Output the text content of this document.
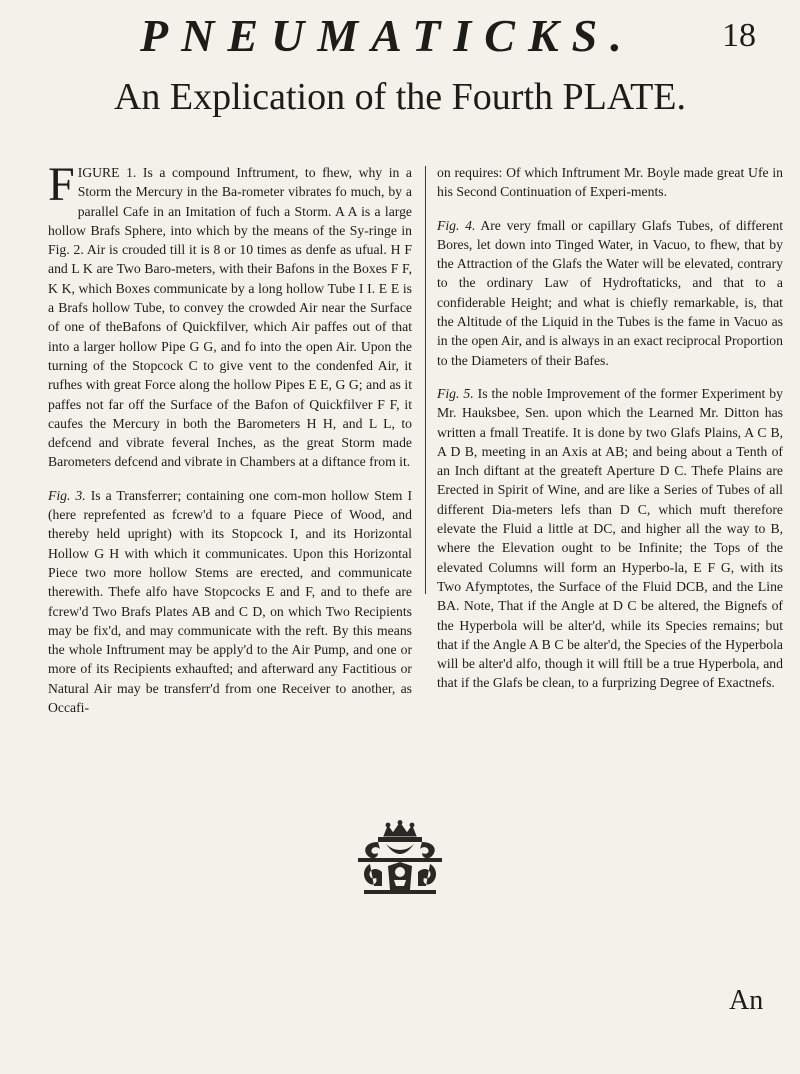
PNEUMATICKS.	18
An Explication of the Fourth PLATE.

FIGURE 1. Is a compound Inftrument, to fhew, why in a Storm the Mercury in the Ba-rometer vibrates fo much, by a parallel Cafe in an Imitation of fuch a Storm. A A is a large hollow Brafs Sphere, into which by the means of the Sy-ringe in Fig. 2. Air is crouded till it is 8 or 10 times as denfe as ufual. H F and L K are Two Baro-meters, with their Bafons in the Boxes F F, K K, which Boxes communicate by a long hollow Tube I I. E E is a Brafs hollow Tube, to convey the crowded Air near the Surface of one of theBafons of Quickfilver, which Air paffes out of that into a larger hollow Pipe G G, and fo into the open Air. Upon the turning of the Stopcock C to give vent to the condenfed Air, it rufhes with great Force along the hollow Pipes E E, G G; and as it paffes not far off the Surface of the Bafon of Quickfilver F F, it caufes the Mercury in both the Barometers H H, and L L, to defcend and vibrate feveral Inches, as the great Storm made Barometers defcend and vibrate in Chambers at a diftance from it.

Fig. 3. Is a Transferrer; containing one com-mon hollow Stem I (here reprefented as fcrew'd to a fquare Piece of Wood, and thereby held upright) with its Stopcock I, and its Horizontal Hollow G H with which it communicates. Upon this Horizontal Piece two more hollow Stems are erected, and communicate therewith. Thefe alfo have Stopcocks E and F, and to thefe are fcrew'd Two Brafs Plates AB and C D, on which Two Recipients may be fix'd, and may communicate with the reft. By this means the whole Inftrument may be apply'd to the Air Pump, and one or more of its Recipients exhaufted; and afterward any Factitious or Natural Air may be transferr'd from one Receiver to another, as Occafi-

on requires: Of which Inftrument Mr. Boyle made great Ufe in his Second Continuation of Experi-ments.

Fig. 4. Are very fmall or capillary Glafs Tubes, of different Bores, let down into Tinged Water, in Vacuo, to fhew, that by the Attraction of the Glafs the Water will be elevated, contrary to the ordinary Law of Hydroftaticks, and that to a confiderable Height; and what is chiefly remarkable, is, that the Altitude of the Liquid in the Tubes is the fame in Vacuo as in the open Air, and is always in an exact reciprocal Proportion to the Diameters of their Bafes.

Fig. 5. Is the noble Improvement of the former Experiment by Mr. Hauksbee, Sen. upon which the Learned Mr. Ditton has written a fmall Treatife. It is done by two Glafs Plains, A C B, A D B, meeting in an Axis at AB; and being about a Tenth of an Inch diftant at the greateft Aperture D C. Thefe Plains are Erected in Spirit of Wine, and are like a Series of Tubes of all different Dia-meters lefs than D C, which muft therefore elevate the Fluid a little at DC, and higher all the way to B, where the Elevation ought to be Infinite; the Tops of the elevated Columns will form an Hyperbo-la, E F G, with its Two Afymptotes, the Surface of the Fluid DCB, and the Line BA. Note, That if the Angle at D C be altered, the Bignefs of the Hyperbola will be alter'd, while its Species remains; but that if the Angle A B C be alter'd, the Species of the Hyperbola will be alter'd alfo, though it will ftill be a true Hyperbola, and that if the Glafs be clean, to a furprizing Degree of Exactnefs.

An
